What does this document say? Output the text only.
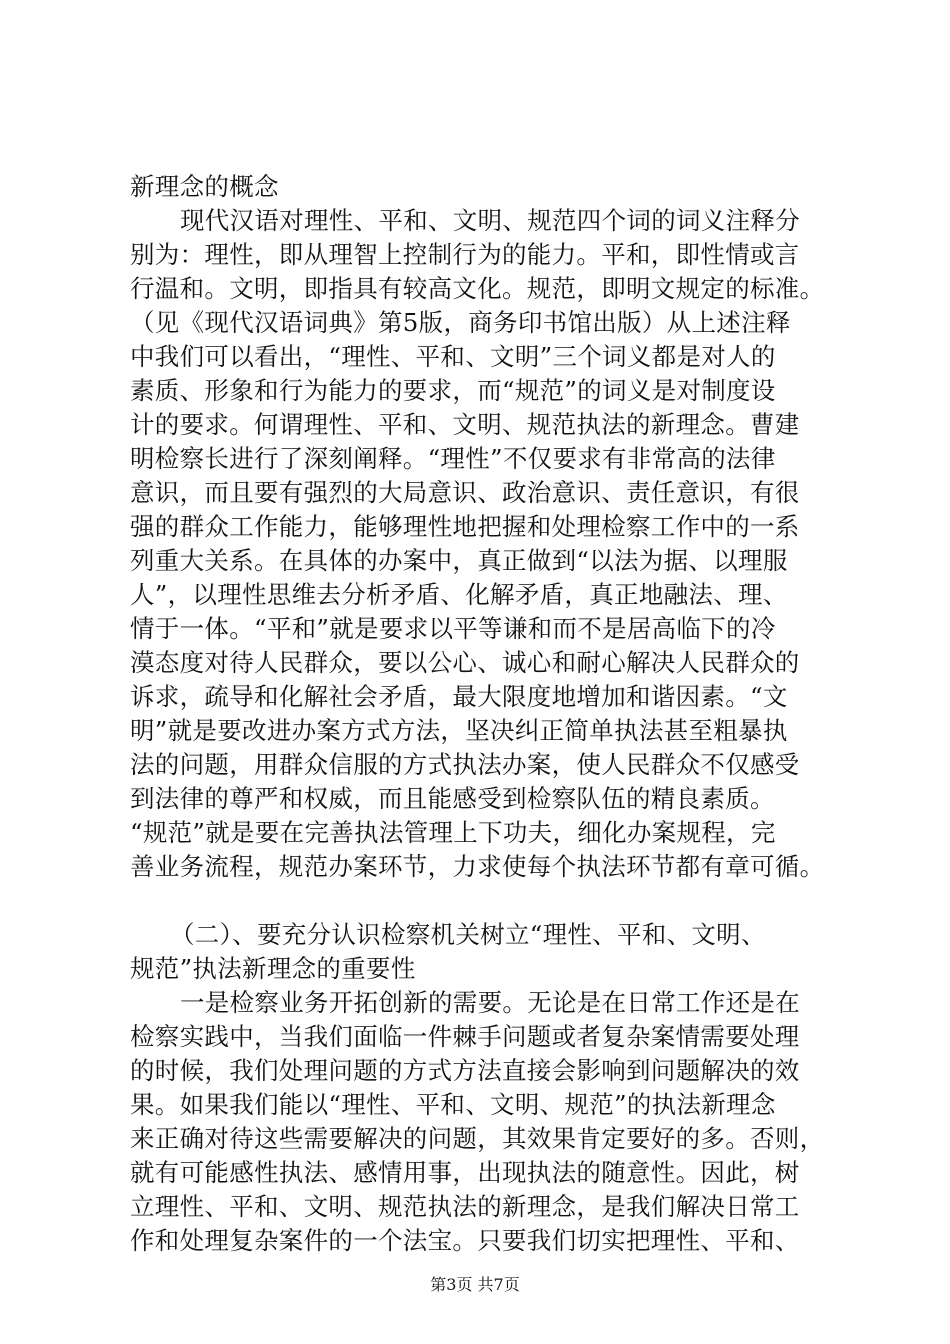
新理念的概念
现代汉语对理性、平和、文明、规范四个词的词义注释分
别为：理性，即从理智上控制行为的能力。平和，即性情或言
行温和。文明，即指具有较高文化。规范，即明文规定的标准。
（见《现代汉语词典》第5版，商务印书馆出版）从上述注释
中我们可以看出，“理性、平和、文明”三个词义都是对人的
素质、形象和行为能力的要求，而“规范”的词义是对制度设
计的要求。何谓理性、平和、文明、规范执法的新理念。曹建
明检察长进行了深刻阐释。“理性”不仅要求有非常高的法律
意识，而且要有强烈的大局意识、政治意识、责任意识，有很
强的群众工作能力，能够理性地把握和处理检察工作中的一系
列重大关系。在具体的办案中，真正做到“以法为据、以理服
人”，以理性思维去分析矛盾、化解矛盾，真正地融法、理、
情于一体。“平和”就是要求以平等谦和而不是居高临下的冷
漠态度对待人民群众，要以公心、诚心和耐心解决人民群众的
诉求，疏导和化解社会矛盾，最大限度地增加和谐因素。“文
明”就是要改进办案方式方法，坚决纠正简单执法甚至粗暴执
法的问题，用群众信服的方式执法办案，使人民群众不仅感受
到法律的尊严和权威，而且能感受到检察队伍的精良素质。
“规范”就是要在完善执法管理上下功夫，细化办案规程，完
善业务流程，规范办案环节，力求使每个执法环节都有章可循。
（二）、要充分认识检察机关树立“理性、平和、文明、
规范”执法新理念的重要性
一是检察业务开拓创新的需要。无论是在日常工作还是在
检察实践中，当我们面临一件棘手问题或者复杂案情需要处理
的时候，我们处理问题的方式方法直接会影响到问题解决的效
果。如果我们能以“理性、平和、文明、规范”的执法新理念
来正确对待这些需要解决的问题，其效果肯定要好的多。否则，
就有可能感性执法、感情用事，出现执法的随意性。因此，树
立理性、平和、文明、规范执法的新理念，是我们解决日常工
作和处理复杂案件的一个法宝。只要我们切实把理性、平和、
第3页 共7页
